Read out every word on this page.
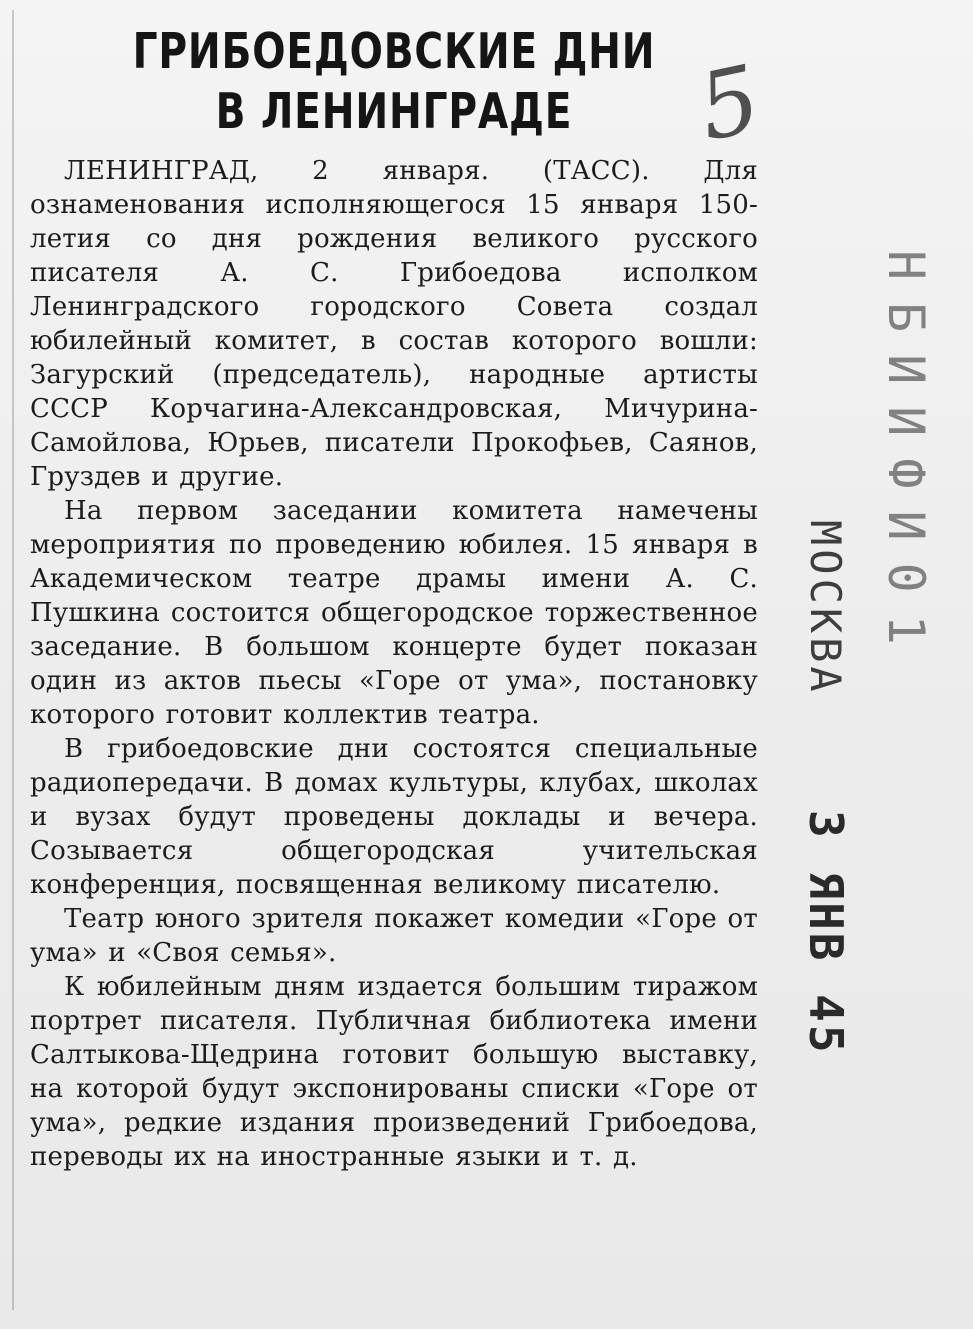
ГРИБОЕДОВСКИЕ ДНИ
В ЛЕНИНГРАДЕ

ЛЕНИНГРАД, 2 января. (ТАСС). Для ознаменования исполняющегося 15 января 150-летия со дня рождения великого русского писателя А. С. Грибоедова исполком Ленинградского городского Совета создал юбилейный комитет, в состав которого вошли: Загурский (председатель), народные артисты СССР Корчагина-Александровская, Мичурина-Самойлова, Юрьев, писатели Прокофьев, Саянов, Груздев и другие.

На первом заседании комитета намечены мероприятия по проведению юбилея. 15 января в Академическом театре драмы имени А. С. Пушкина состоится общегородское торжественное заседание. В большом концерте будет показан один из актов пьесы «Горе от ума», постановку которого готовит коллектив театра.

В грибоедовские дни состоятся специальные радиопередачи. В домах культуры, клубах, школах и вузах будут проведены доклады и вечера. Созывается общегородская учительская конференция, посвященная великому писателю.

Театр юного зрителя покажет комедии «Горе от ума» и «Своя семья».

К юбилейным дням издается большим тиражом портрет писателя. Публичная библиотека имени Салтыкова-Щедрина готовит большую выставку, на которой будут экспонированы списки «Горе от ума», редкие издания произведений Грибоедова, переводы их на иностранные языки и т. д.

5
МОСКВА
3 ЯНВ 45
НБИИФИ01
